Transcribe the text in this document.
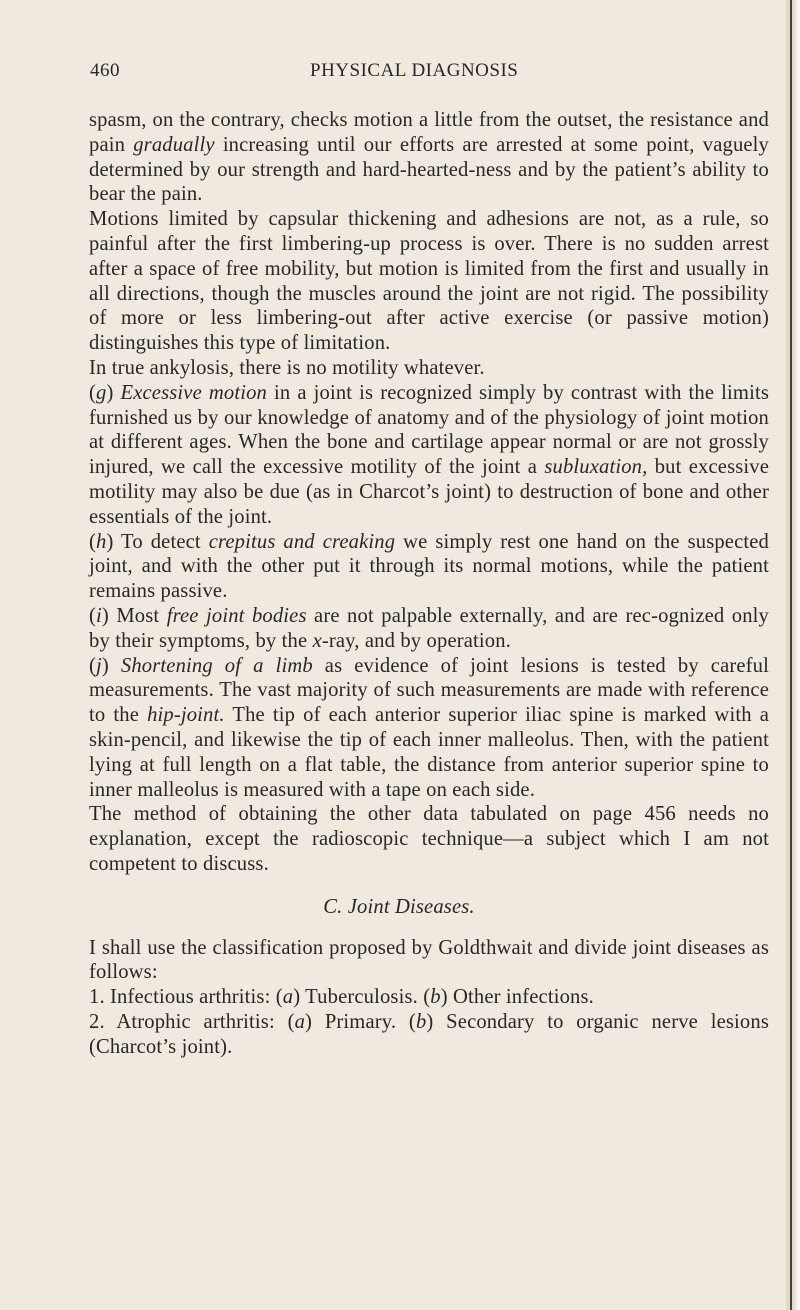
460	PHYSICAL DIAGNOSIS

spasm, on the contrary, checks motion a little from the outset, the resistance and pain gradually increasing until our efforts are arrested at some point, vaguely determined by our strength and hard-hearted-ness and by the patient’s ability to bear the pain.

Motions limited by capsular thickening and adhesions are not, as a rule, so painful after the first limbering-up process is over. There is no sudden arrest after a space of free mobility, but motion is limited from the first and usually in all directions, though the muscles around the joint are not rigid. The possibility of more or less limbering-out after active exercise (or passive motion) distinguishes this type of limitation.

In true ankylosis, there is no motility whatever.

(g) Excessive motion in a joint is recognized simply by contrast with the limits furnished us by our knowledge of anatomy and of the physiology of joint motion at different ages. When the bone and cartilage appear normal or are not grossly injured, we call the excessive motility of the joint a subluxation, but excessive motility may also be due (as in Charcot’s joint) to destruction of bone and other essentials of the joint.

(h) To detect crepitus and creaking we simply rest one hand on the suspected joint, and with the other put it through its normal motions, while the patient remains passive.

(i) Most free joint bodies are not palpable externally, and are rec-ognized only by their symptoms, by the x-ray, and by operation.

(j) Shortening of a limb as evidence of joint lesions is tested by careful measurements. The vast majority of such measurements are made with reference to the hip-joint. The tip of each anterior superior iliac spine is marked with a skin-pencil, and likewise the tip of each inner malleolus. Then, with the patient lying at full length on a flat table, the distance from anterior superior spine to inner malleolus is measured with a tape on each side.

The method of obtaining the other data tabulated on page 456 needs no explanation, except the radioscopic technique—a subject which I am not competent to discuss.

C. Joint Diseases.

I shall use the classification proposed by Goldthwait and divide joint diseases as follows:

1. Infectious arthritis: (a) Tuberculosis. (b) Other infections.

2. Atrophic arthritis: (a) Primary. (b) Secondary to organic nerve lesions (Charcot’s joint).
